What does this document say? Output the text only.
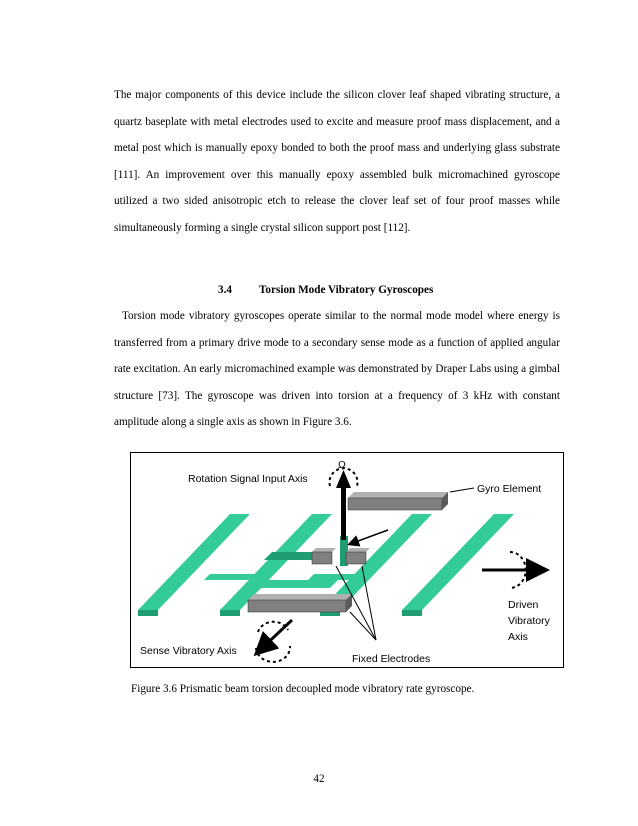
The major components of this device include the silicon clover leaf shaped vibrating structure, a quartz baseplate with metal electrodes used to excite and measure proof mass displacement, and a metal post which is manually epoxy bonded to both the proof mass and underlying glass substrate [111]. An improvement over this manually epoxy assembled bulk micromachined gyroscope utilized a two sided anisotropic etch to release the clover leaf set of four proof masses while simultaneously forming a single crystal silicon support post [112].

3.4 Torsion Mode Vibratory Gyroscopes

Torsion mode vibratory gyroscopes operate similar to the normal mode model where energy is transferred from a primary drive mode to a secondary sense mode as a function of applied angular rate excitation. An early micromachined example was demonstrated by Draper Labs using a gimbal structure [73]. The gyroscope was driven into torsion at a frequency of 3 kHz with constant amplitude along a single axis as shown in Figure 3.6.

Ω
Rotation Signal Input Axis
Gyro Element
Driven
Vibratory
Axis
Sense Vibratory Axis
Fixed Electrodes

Figure 3.6 Prismatic beam torsion decoupled mode vibratory rate gyroscope.

42
